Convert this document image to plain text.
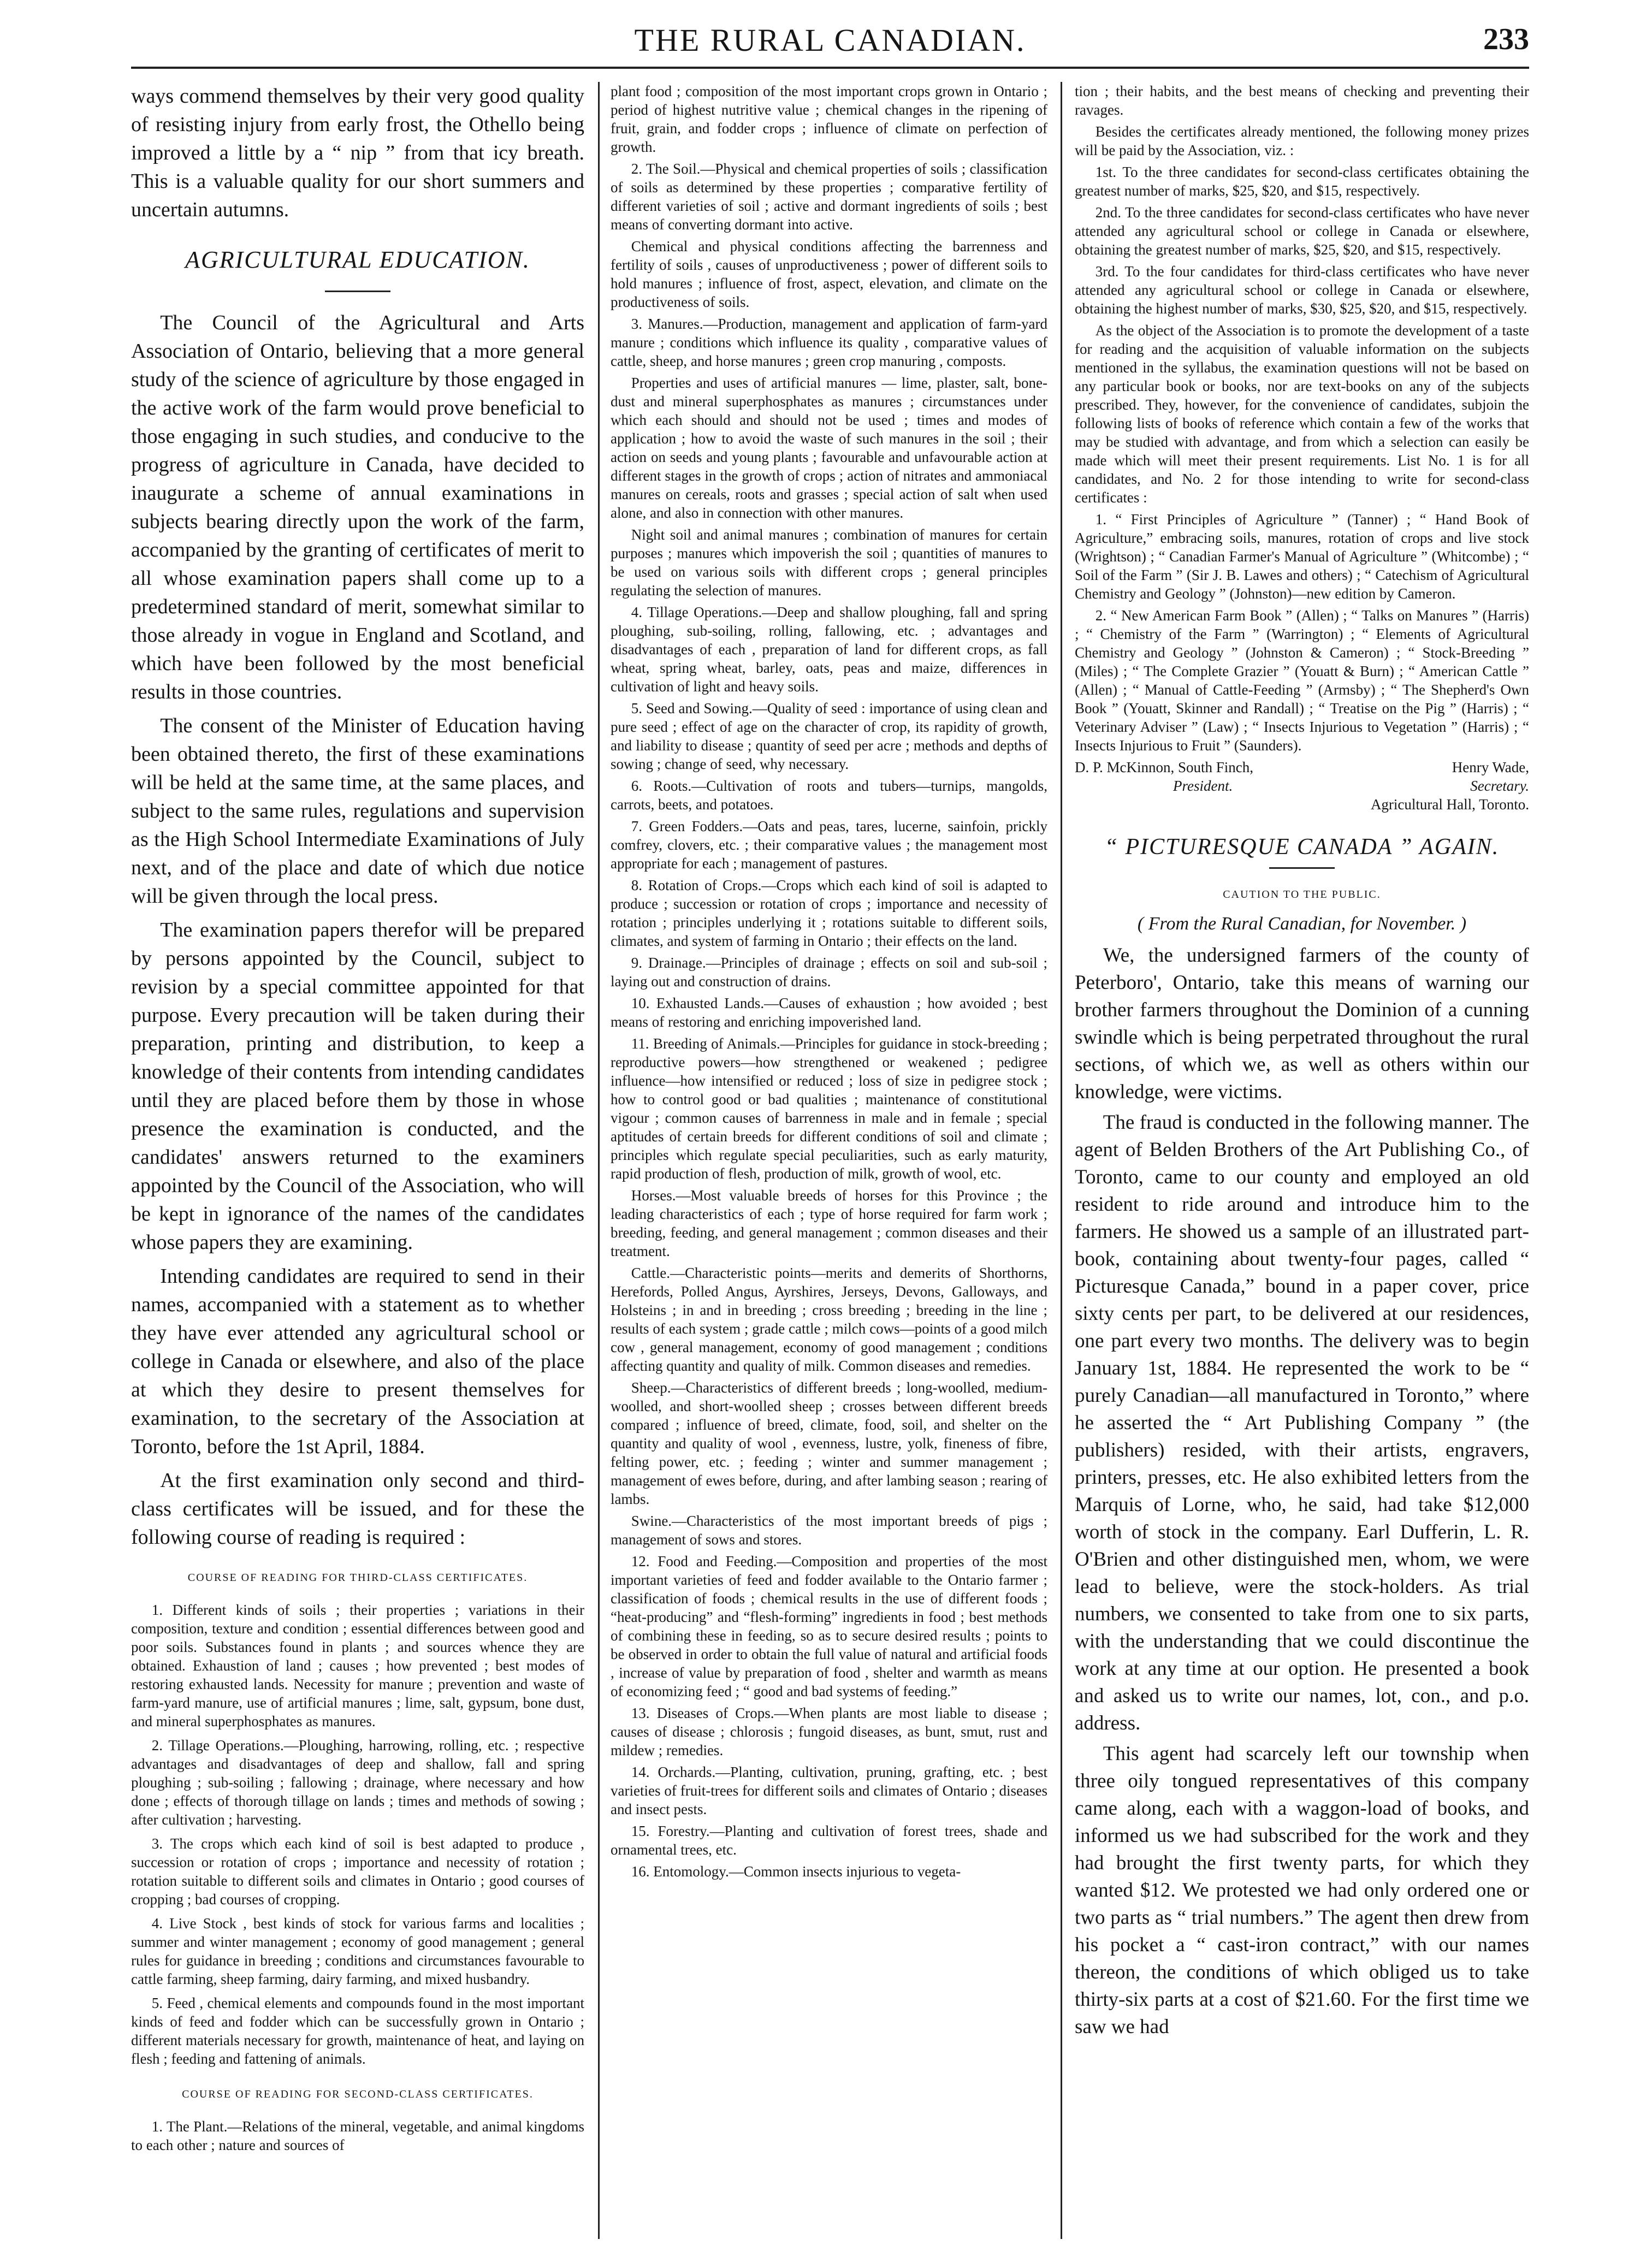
THE RURAL CANADIAN.	233

ways commend themselves by their very good quality of resisting injury from early frost, the Othello being improved a little by a “ nip ” from that icy breath. This is a valuable quality for our short summers and uncertain autumns.

AGRICULTURAL EDUCATION.

The Council of the Agricultural and Arts Association of Ontario, believing that a more general study of the science of agriculture by those engaged in the active work of the farm would prove beneficial to those engaging in such studies, and conducive to the progress of agriculture in Canada, have decided to inaugurate a scheme of annual examinations in subjects bearing directly upon the work of the farm, accompanied by the granting of certificates of merit to all whose examination papers shall come up to a predetermined standard of merit, somewhat similar to those already in vogue in England and Scotland, and which have been followed by the most beneficial results in those countries.

The consent of the Minister of Education having been obtained thereto, the first of these examinations will be held at the same time, at the same places, and subject to the same rules, regulations and supervision as the High School Intermediate Examinations of July next, and of the place and date of which due notice will be given through the local press.

The examination papers therefor will be prepared by persons appointed by the Council, subject to revision by a special committee appointed for that purpose. Every precaution will be taken during their preparation, printing and distribution, to keep a knowledge of their contents from intending candidates until they are placed before them by those in whose presence the examination is conducted, and the candidates' answers returned to the examiners appointed by the Council of the Association, who will be kept in ignorance of the names of the candidates whose papers they are examining.

Intending candidates are required to send in their names, accompanied with a statement as to whether they have ever attended any agricultural school or college in Canada or elsewhere, and also of the place at which they desire to present themselves for examination, to the secretary of the Association at Toronto, before the 1st April, 1884.

At the first examination only second and third-class certificates will be issued, and for these the following course of reading is required :

COURSE OF READING FOR THIRD-CLASS CERTIFICATES.

1. Different kinds of soils ; their properties ; variations in their composition, texture and condition ; essential differences between good and poor soils. Substances found in plants ; and sources whence they are obtained. Exhaustion of land ; causes ; how prevented ; best modes of restoring exhausted lands. Necessity for manure ; prevention and waste of farm-yard manure, use of artificial manures ; lime, salt, gypsum, bone dust, and mineral superphosphates as manures.

2. Tillage Operations.—Ploughing, harrowing, rolling, etc. ; respective advantages and disadvantages of deep and shallow, fall and spring ploughing ; sub-soiling ; fallowing ; drainage, where necessary and how done ; effects of thorough tillage on lands ; times and methods of sowing ; after cultivation ; harvesting.

3. The crops which each kind of soil is best adapted to produce , succession or rotation of crops ; importance and necessity of rotation ; rotation suitable to different soils and climates in Ontario ; good courses of cropping ; bad courses of cropping.

4. Live Stock , best kinds of stock for various farms and localities ; summer and winter management ; economy of good management ; general rules for guidance in breeding ; conditions and circumstances favourable to cattle farming, sheep farming, dairy farming, and mixed husbandry.

5. Feed , chemical elements and compounds found in the most important kinds of feed and fodder which can be successfully grown in Ontario ; different materials necessary for growth, maintenance of heat, and laying on flesh ; feeding and fattening of animals.

COURSE OF READING FOR SECOND-CLASS CERTIFICATES.

1. The Plant.—Relations of the mineral, vegetable, and animal kingdoms to each other ; nature and sources of

plant food ; composition of the most important crops grown in Ontario ; period of highest nutritive value ; chemical changes in the ripening of fruit, grain, and fodder crops ; influence of climate on perfection of growth.

2. The Soil.—Physical and chemical properties of soils ; classification of soils as determined by these properties ; comparative fertility of different varieties of soil ; active and dormant ingredients of soils ; best means of converting dormant into active.

Chemical and physical conditions affecting the barrenness and fertility of soils , causes of unproductiveness ; power of different soils to hold manures ; influence of frost, aspect, elevation, and climate on the productiveness of soils.

3. Manures.—Production, management and application of farm-yard manure ; conditions which influence its quality , comparative values of cattle, sheep, and horse manures ; green crop manuring , composts.

Properties and uses of artificial manures — lime, plaster, salt, bone-dust and mineral superphosphates as manures ; circumstances under which each should and should not be used ; times and modes of application ; how to avoid the waste of such manures in the soil ; their action on seeds and young plants ; favourable and unfavourable action at different stages in the growth of crops ; action of nitrates and ammoniacal manures on cereals, roots and grasses ; special action of salt when used alone, and also in connection with other manures.

Night soil and animal manures ; combination of manures for certain purposes ; manures which impoverish the soil ; quantities of manures to be used on various soils with different crops ; general principles regulating the selection of manures.

4. Tillage Operations.—Deep and shallow ploughing, fall and spring ploughing, sub-soiling, rolling, fallowing, etc. ; advantages and disadvantages of each , preparation of land for different crops, as fall wheat, spring wheat, barley, oats, peas and maize, differences in cultivation of light and heavy soils.

5. Seed and Sowing.—Quality of seed : importance of using clean and pure seed ; effect of age on the character of crop, its rapidity of growth, and liability to disease ; quantity of seed per acre ; methods and depths of sowing ; change of seed, why necessary.

6. Roots.—Cultivation of roots and tubers—turnips, mangolds, carrots, beets, and potatoes.

7. Green Fodders.—Oats and peas, tares, lucerne, sainfoin, prickly comfrey, clovers, etc. ; their comparative values ; the management most appropriate for each ; management of pastures.

8. Rotation of Crops.—Crops which each kind of soil is adapted to produce ; succession or rotation of crops ; importance and necessity of rotation ; principles underlying it ; rotations suitable to different soils, climates, and system of farming in Ontario ; their effects on the land.

9. Drainage.—Principles of drainage ; effects on soil and sub-soil ; laying out and construction of drains.

10. Exhausted Lands.—Causes of exhaustion ; how avoided ; best means of restoring and enriching impoverished land.

11. Breeding of Animals.—Principles for guidance in stock-breeding ; reproductive powers—how strengthened or weakened ; pedigree influence—how intensified or reduced ; loss of size in pedigree stock ; how to control good or bad qualities ; maintenance of constitutional vigour ; common causes of barrenness in male and in female ; special aptitudes of certain breeds for different conditions of soil and climate ; principles which regulate special peculiarities, such as early maturity, rapid production of flesh, production of milk, growth of wool, etc.

Horses.—Most valuable breeds of horses for this Province ; the leading characteristics of each ; type of horse required for farm work ; breeding, feeding, and general management ; common diseases and their treatment.

Cattle.—Characteristic points—merits and demerits of Shorthorns, Herefords, Polled Angus, Ayrshires, Jerseys, Devons, Galloways, and Holsteins ; in and in breeding ; cross breeding ; breeding in the line ; results of each system ; grade cattle ; milch cows—points of a good milch cow , general management, economy of good management ; conditions affecting quantity and quality of milk. Common diseases and remedies.

Sheep.—Characteristics of different breeds ; long-woolled, medium-woolled, and short-woolled sheep ; crosses between different breeds compared ; influence of breed, climate, food, soil, and shelter on the quantity and quality of wool , evenness, lustre, yolk, fineness of fibre, felting power, etc. ; feeding ; winter and summer management ; management of ewes before, during, and after lambing season ; rearing of lambs.

Swine.—Characteristics of the most important breeds of pigs ; management of sows and stores.

12. Food and Feeding.—Composition and properties of the most important varieties of feed and fodder available to the Ontario farmer ; classification of foods ; chemical results in the use of different foods ; “heat-producing” and “flesh-forming” ingredients in food ; best methods of combining these in feeding, so as to secure desired results ; points to be observed in order to obtain the full value of natural and artificial foods , increase of value by preparation of food , shelter and warmth as means of economizing feed ; “ good and bad systems of feeding.”

13. Diseases of Crops.—When plants are most liable to disease ; causes of disease ; chlorosis ; fungoid diseases, as bunt, smut, rust and mildew ; remedies.

14. Orchards.—Planting, cultivation, pruning, grafting, etc. ; best varieties of fruit-trees for different soils and climates of Ontario ; diseases and insect pests.

15. Forestry.—Planting and cultivation of forest trees, shade and ornamental trees, etc.

16. Entomology.—Common insects injurious to vegeta-

tion ; their habits, and the best means of checking and preventing their ravages.

Besides the certificates already mentioned, the following money prizes will be paid by the Association, viz. :

1st. To the three candidates for second-class certificates obtaining the greatest number of marks, $25, $20, and $15, respectively.

2nd. To the three candidates for second-class certificates who have never attended any agricultural school or college in Canada or elsewhere, obtaining the greatest number of marks, $25, $20, and $15, respectively.

3rd. To the four candidates for third-class certificates who have never attended any agricultural school or college in Canada or elsewhere, obtaining the highest number of marks, $30, $25, $20, and $15, respectively.

As the object of the Association is to promote the development of a taste for reading and the acquisition of valuable information on the subjects mentioned in the syllabus, the examination questions will not be based on any particular book or books, nor are text-books on any of the subjects prescribed. They, however, for the convenience of candidates, subjoin the following lists of books of reference which contain a few of the works that may be studied with advantage, and from which a selection can easily be made which will meet their present requirements. List No. 1 is for all candidates, and No. 2 for those intending to write for second-class certificates :

1. “ First Principles of Agriculture ” (Tanner) ; “ Hand Book of Agriculture,” embracing soils, manures, rotation of crops and live stock (Wrightson) ; “ Canadian Farmer's Manual of Agriculture ” (Whitcombe) ; “ Soil of the Farm ” (Sir J. B. Lawes and others) ; “ Catechism of Agricultural Chemistry and Geology ” (Johnston)—new edition by Cameron.

2. “ New American Farm Book ” (Allen) ; “ Talks on Manures ” (Harris) ; “ Chemistry of the Farm ” (Warrington) ; “ Elements of Agricultural Chemistry and Geology ” (Johnston & Cameron) ; “ Stock-Breeding ” (Miles) ; “ The Complete Grazier ” (Youatt & Burn) ; “ American Cattle ” (Allen) ; “ Manual of Cattle-Feeding ” (Armsby) ; “ The Shepherd's Own Book ” (Youatt, Skinner and Randall) ; “ Treatise on the Pig ” (Harris) ; “ Veterinary Adviser ” (Law) ; “ Insects Injurious to Vegetation ” (Harris) ; “ Insects Injurious to Fruit ” (Saunders).

D. P. McKinnon, South Finch,	Henry Wade,
President.	Secretary.
Agricultural Hall, Toronto.
“ PICTURESQUE CANADA ” AGAIN.
CAUTION TO THE PUBLIC.
( From the Rural Canadian, for November. )

We, the undersigned farmers of the county of Peterboro', Ontario, take this means of warning our brother farmers throughout the Dominion of a cunning swindle which is being perpetrated throughout the rural sections, of which we, as well as others within our knowledge, were victims.

The fraud is conducted in the following manner. The agent of Belden Brothers of the Art Publishing Co., of Toronto, came to our county and employed an old resident to ride around and introduce him to the farmers. He showed us a sample of an illustrated part-book, containing about twenty-four pages, called “ Picturesque Canada,” bound in a paper cover, price sixty cents per part, to be delivered at our residences, one part every two months. The delivery was to begin January 1st, 1884. He represented the work to be “ purely Canadian—all manufactured in Toronto,” where he asserted the “ Art Publishing Company ” (the publishers) resided, with their artists, engravers, printers, presses, etc. He also exhibited letters from the Marquis of Lorne, who, he said, had take $12,000 worth of stock in the company. Earl Dufferin, L. R. O'Brien and other distinguished men, whom, we were lead to believe, were the stock-holders. As trial numbers, we consented to take from one to six parts, with the understanding that we could discontinue the work at any time at our option. He presented a book and asked us to write our names, lot, con., and p.o. address.

This agent had scarcely left our township when three oily tongued representatives of this company came along, each with a waggon-load of books, and informed us we had subscribed for the work and they had brought the first twenty parts, for which they wanted $12. We protested we had only ordered one or two parts as “ trial numbers.” The agent then drew from his pocket a “ cast-iron contract,” with our names thereon, the conditions of which obliged us to take thirty-six parts at a cost of $21.60. For the first time we saw we had
